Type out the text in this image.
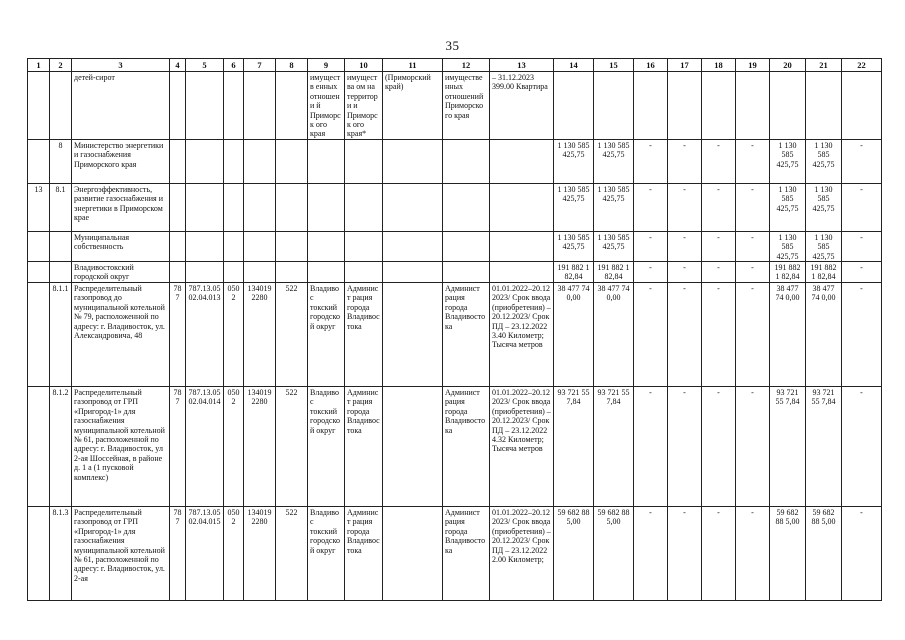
35
1	2	3	4	5	6	7	8	9	10	11	12	13	14	15	16	17	18	19	20	21	22
		детей-сирот						имуществ енных отношени й Приморск ого края	имущества ом на территори и Приморск ого края*	(Приморский край)	имуществе нных отношений Приморско го края	– 31.12.2023 399.00 Квартира									
	8	Министерство энергетики и газоснабжения Приморского края											1 130 585 425,75	1 130 585 425,75	-	-	-	-	1 130 585 425,75	1 130 585 425,75	-
13	8.1	Энергоэффективность, развитие газоснабжения и энергетики в Приморском крае											1 130 585 425,75	1 130 585 425,75	-	-	-	-	1 130 585 425,75	1 130 585 425,75	-
		Муниципальная собственность											1 130 585 425,75	1 130 585 425,75	-	-	-	-	1 130 585 425,75	1 130 585 425,75	-
		Владивостокский городской округ											191 882 1 82,84	191 882 1 82,84	-	-	-	-	191 882 1 82,84	191 882 1 82,84	-
	8.1.1	Распределительный газопровод до муниципальной котельной № 79, расположенной по адресу: г. Владивосток, ул. Александровича, 48	787	787.13.05 02.04.013	0502	134019 2280	522	Владивос токский городской округ	Админист рация города Владивос тока		Админист рация города Владивосто ка	01.01.2022–20.12 2023/ Срок ввода (приобретения) – 20.12.2023/ Срок ПД – 23.12.2022 3.40 Километр; Тысяча метров	38 477 74 0,00	38 477 74 0,00	-	-	-	-	38 477 74 0,00	38 477 74 0,00	-
	8.1.2	Распределительный газопровод от ГРП «Пригород-1» для газоснабжения муниципальной котельной № 61, расположенной по адресу: г. Владивосток, ул 2-ая Шоссейная, в районе д. 1 а (1 пусковой комплекс)	787	787.13.05 02.04.014	0502	134019 2280	522	Владивос токский городской округ	Админист рация города Владивос тока		Админист рация города Владивосто ка	01.01.2022–20.12 2023/ Срок ввода (приобретения) – 20.12.2023/ Срок ПД – 23.12.2022 4.32 Километр; Тысяча метров	93 721 55 7,84	93 721 55 7,84	-	-	-	-	93 721 55 7,84	93 721 55 7,84	-
	8.1.3	Распределительный газопровод от ГРП «Пригород-1» для газоснабжения муниципальной котельной № 61, расположенной по адресу: г. Владивосток, ул. 2-ая	787	787.13.05 02.04.015	0502	134019 2280	522	Владивос токский городской округ	Админист рация города Владивос тока		Админист рация города Владивосто ка	01.01.2022–20.12 2023/ Срок ввода (приобретения) – 20.12.2023/ Срок ПД – 23.12.2022 2.00 Километр;	59 682 88 5,00	59 682 88 5,00	-	-	-	-	59 682 88 5,00	59 682 88 5,00	-
